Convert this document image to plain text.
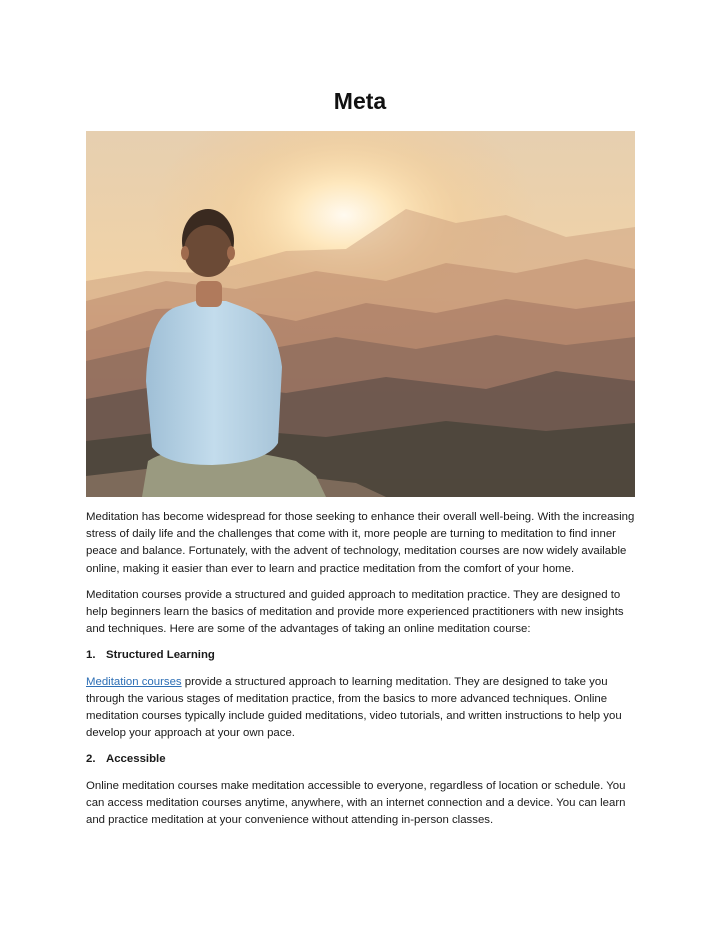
Meta

Meditation has become widespread for those seeking to enhance their overall well-being. With the increasing stress of daily life and the challenges that come with it, more people are turning to meditation to find inner peace and balance. Fortunately, with the advent of technology, meditation courses are now widely available online, making it easier than ever to learn and practice meditation from the comfort of your home.

Meditation courses provide a structured and guided approach to meditation practice. They are designed to help beginners learn the basics of meditation and provide more experienced practitioners with new insights and techniques. Here are some of the advantages of taking an online meditation course:

1. Structured Learning

Meditation courses provide a structured approach to learning meditation. They are designed to take you through the various stages of meditation practice, from the basics to more advanced techniques. Online meditation courses typically include guided meditations, video tutorials, and written instructions to help you develop your approach at your own pace.

2. Accessible

Online meditation courses make meditation accessible to everyone, regardless of location or schedule. You can access meditation courses anytime, anywhere, with an internet connection and a device. You can learn and practice meditation at your convenience without attending in-person classes.
